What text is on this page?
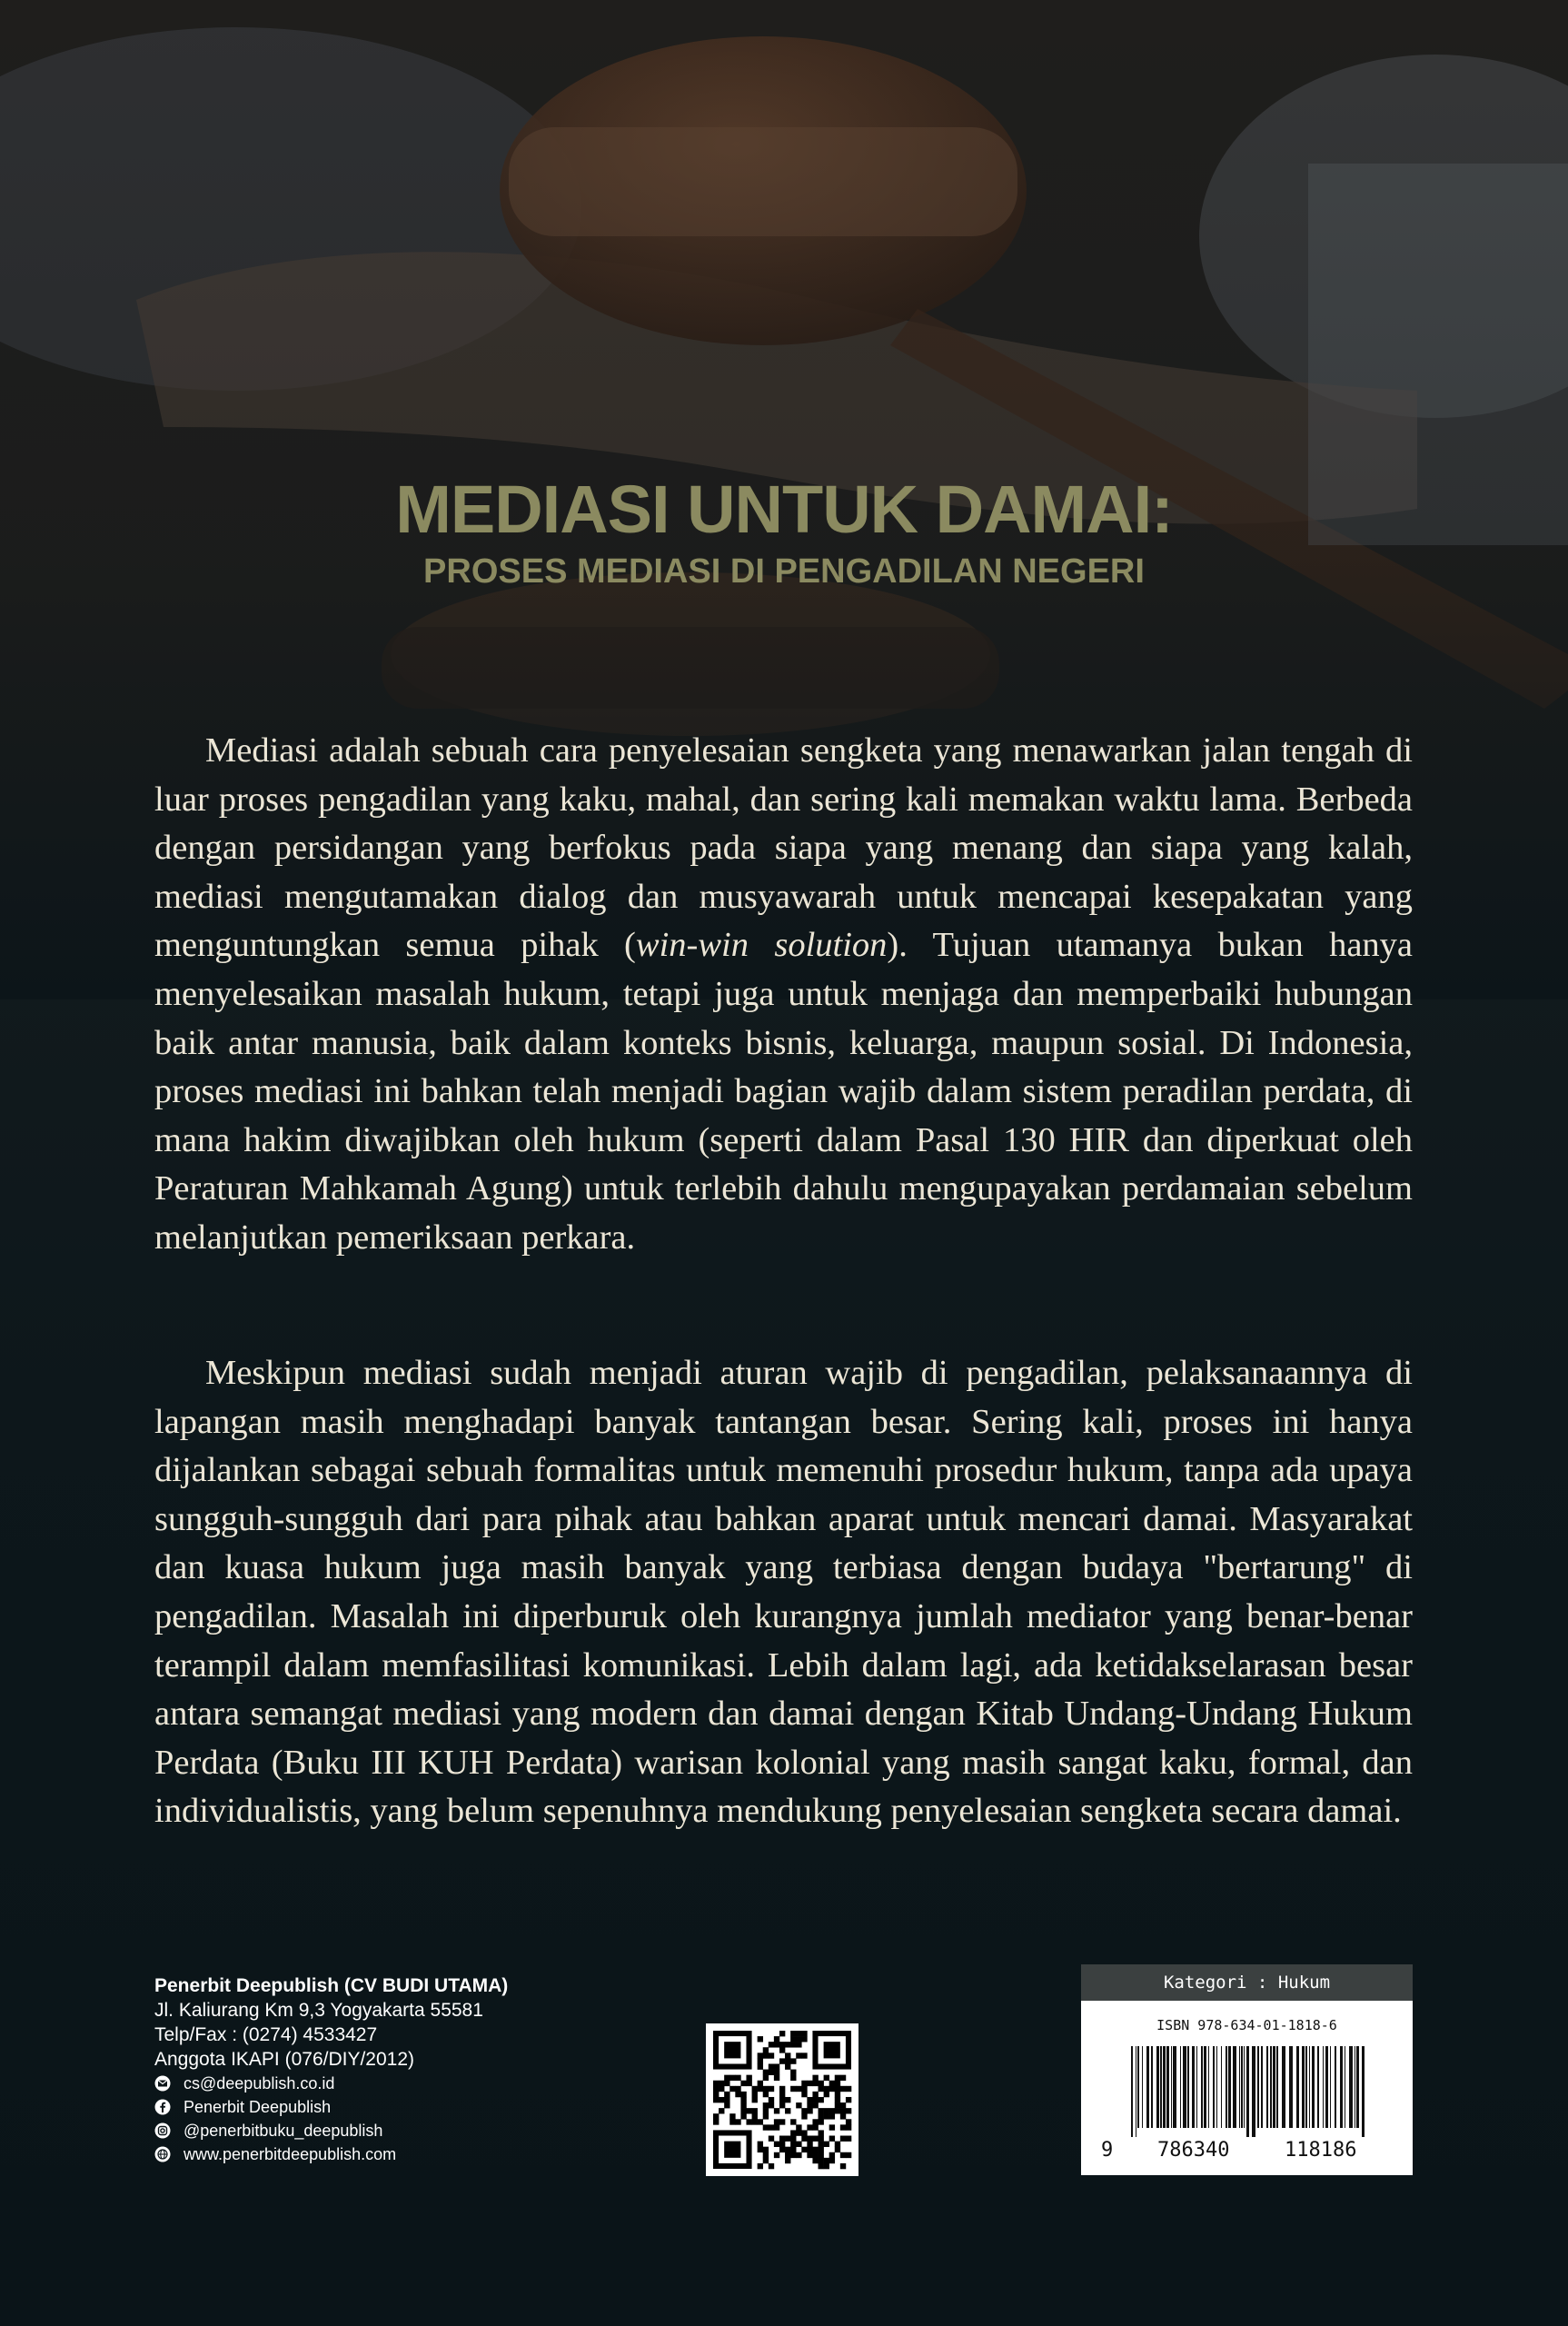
MEDIASI UNTUK DAMAI:
PROSES MEDIASI DI PENGADILAN NEGERI

Mediasi adalah sebuah cara penyelesaian sengketa yang menawarkan jalan tengah di luar proses pengadilan yang kaku, mahal, dan sering kali memakan waktu lama. Berbeda dengan persidangan yang berfokus pada siapa yang menang dan siapa yang kalah, mediasi mengutamakan dialog dan musyawarah untuk mencapai kesepakatan yang menguntungkan semua pihak (win-win solution). Tujuan utamanya bukan hanya menyelesaikan masalah hukum, tetapi juga untuk menjaga dan memperbaiki hubungan baik antar manusia, baik dalam konteks bisnis, keluarga, maupun sosial. Di Indonesia, proses mediasi ini bahkan telah menjadi bagian wajib dalam sistem peradilan perdata, di mana hakim diwajibkan oleh hukum (seperti dalam Pasal 130 HIR dan diperkuat oleh Peraturan Mahkamah Agung) untuk terlebih dahulu mengupayakan perdamaian sebelum melanjutkan pemeriksaan perkara.

Meskipun mediasi sudah menjadi aturan wajib di pengadilan, pelaksanaannya di lapangan masih menghadapi banyak tantangan besar. Sering kali, proses ini hanya dijalankan sebagai sebuah formalitas untuk memenuhi prosedur hukum, tanpa ada upaya sungguh-sungguh dari para pihak atau bahkan aparat untuk mencari damai. Masyarakat dan kuasa hukum juga masih banyak yang terbiasa dengan budaya "bertarung" di pengadilan. Masalah ini diperburuk oleh kurangnya jumlah mediator yang benar-benar terampil dalam memfasilitasi komunikasi. Lebih dalam lagi, ada ketidakselarasan besar antara semangat mediasi yang modern dan damai dengan Kitab Undang-Undang Hukum Perdata (Buku III KUH Perdata) warisan kolonial yang masih sangat kaku, formal, dan individualistis, yang belum sepenuhnya mendukung penyelesaian sengketa secara damai.

Penerbit Deepublish (CV BUDI UTAMA)
Jl. Kaliurang Km 9,3 Yogyakarta 55581
Telp/Fax : (0274) 4533427
Anggota IKAPI (076/DIY/2012)
cs@deepublish.co.id
Penerbit Deepublish
@penerbitbuku_deepublish
www.penerbitdeepublish.com
Kategori : Hukum
ISBN 978-634-01-1818-6
9 786340	118186
